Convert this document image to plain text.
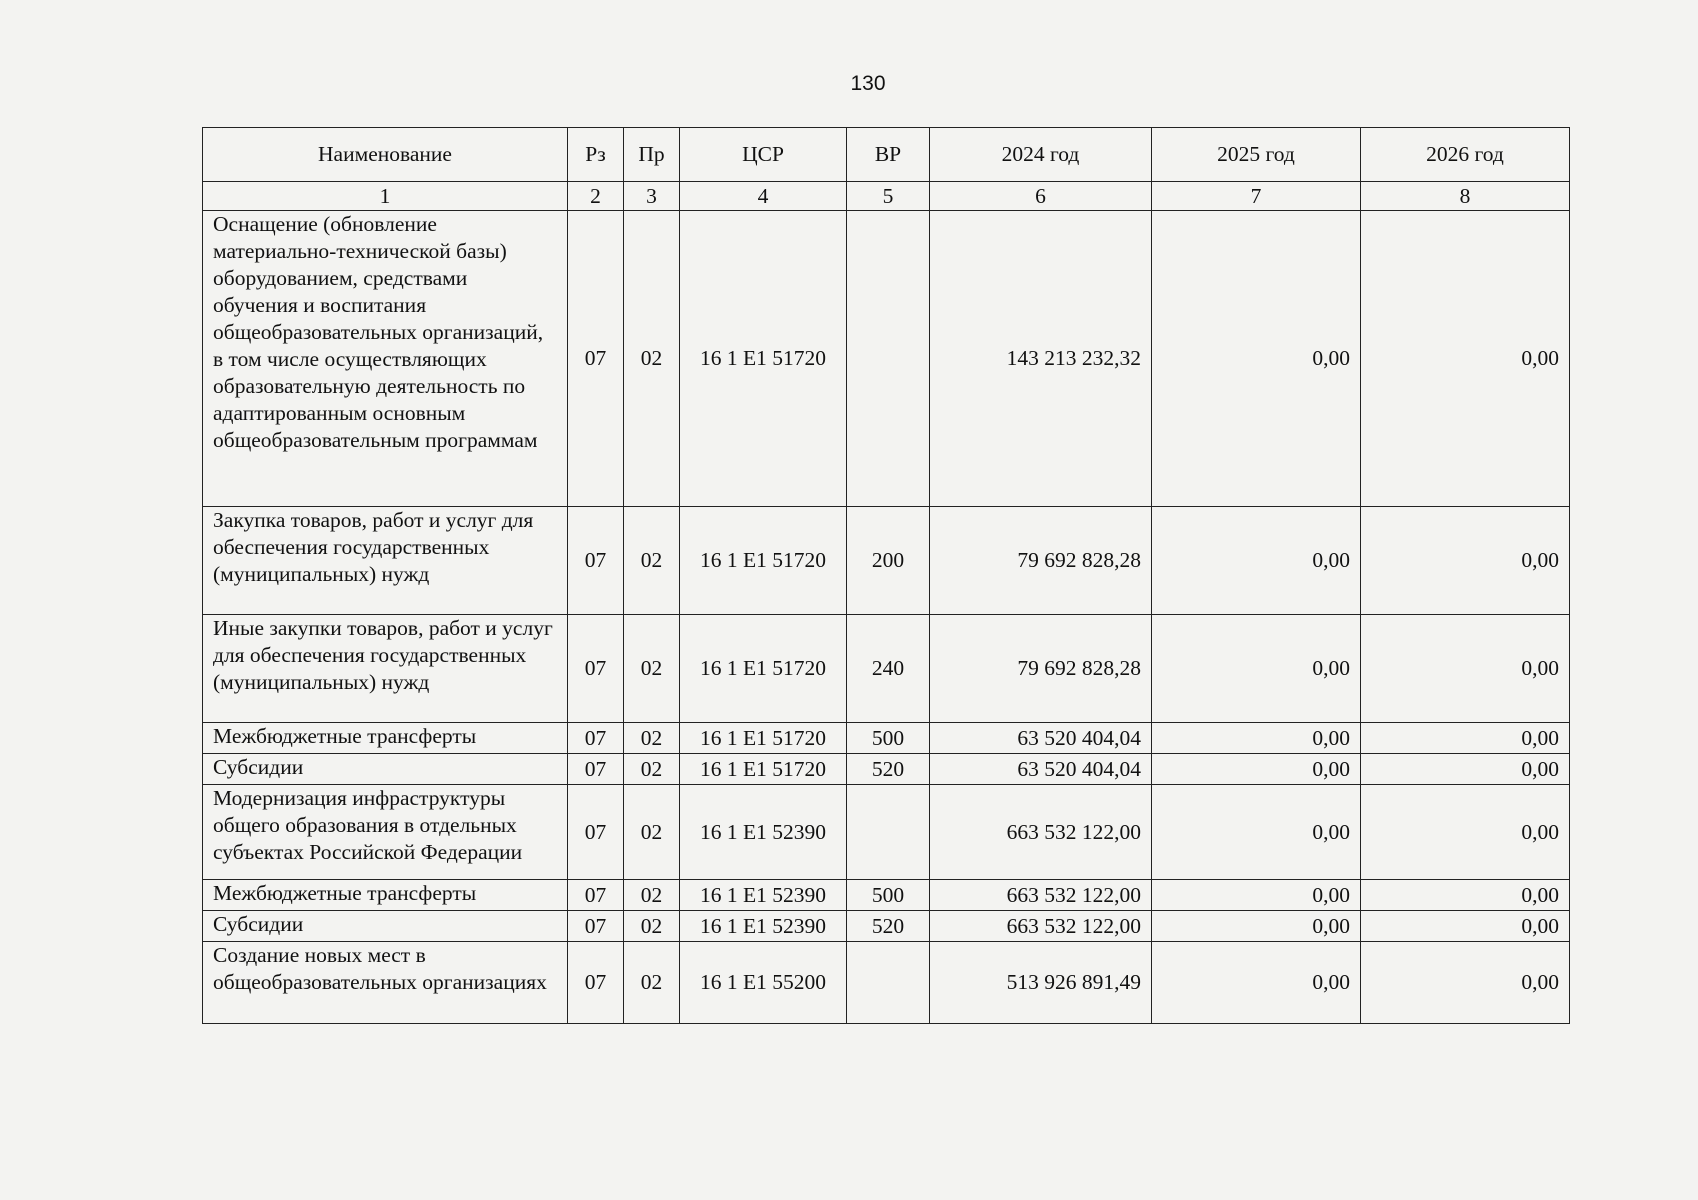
130
Наименование	Рз	Пр	ЦСР	ВР	2024 год	2025 год	2026 год
1	2	3	4	5	6	7	8
Оснащение (обновление материально-технической базы) оборудованием, средствами обучения и воспитания общеобразовательных организаций, в том числе осуществляющих образовательную деятельность по адаптированным основным общеобразовательным программам	07	02	16 1 E1 51720		143 213 232,32	0,00	0,00
Закупка товаров, работ и услуг для обеспечения государственных (муниципальных) нужд	07	02	16 1 E1 51720	200	79 692 828,28	0,00	0,00
Иные закупки товаров, работ и услуг для обеспечения государственных (муниципальных) нужд	07	02	16 1 E1 51720	240	79 692 828,28	0,00	0,00
Межбюджетные трансферты	07	02	16 1 E1 51720	500	63 520 404,04	0,00	0,00
Субсидии	07	02	16 1 E1 51720	520	63 520 404,04	0,00	0,00
Модернизация инфраструктуры общего образования в отдельных субъектах Российской Федерации	07	02	16 1 E1 52390		663 532 122,00	0,00	0,00
Межбюджетные трансферты	07	02	16 1 E1 52390	500	663 532 122,00	0,00	0,00
Субсидии	07	02	16 1 E1 52390	520	663 532 122,00	0,00	0,00
Создание новых мест в общеобразовательных организациях	07	02	16 1 E1 55200		513 926 891,49	0,00	0,00
